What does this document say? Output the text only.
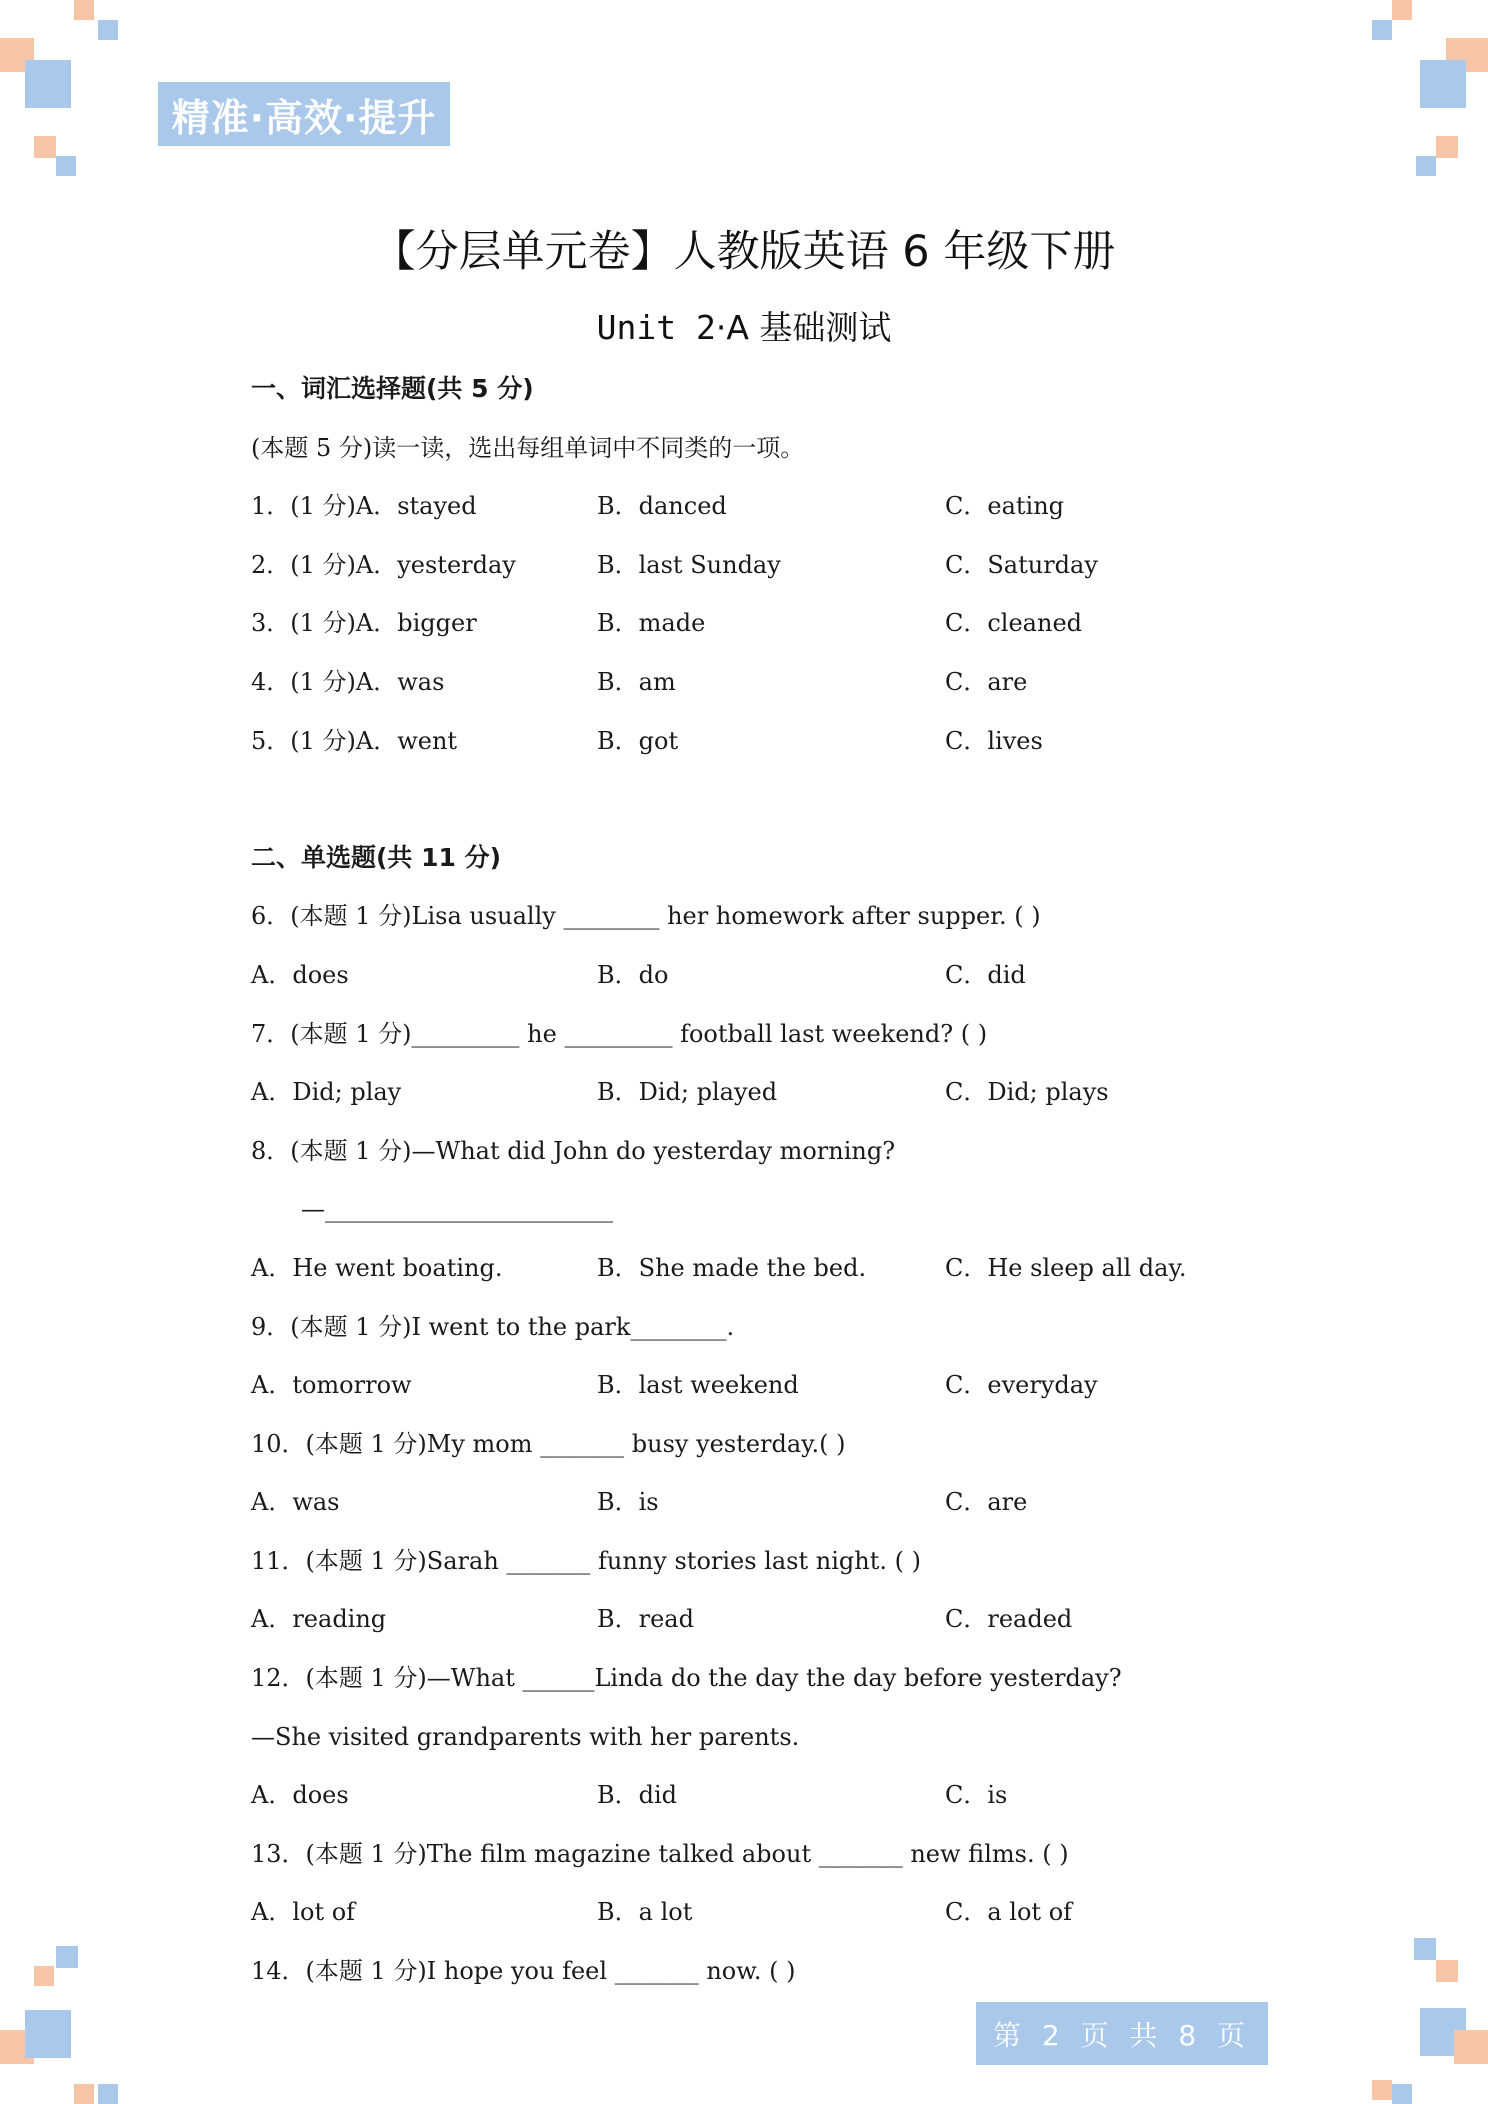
精准·高效·提升
【分层单元卷】人教版英语 6 年级下册
Unit 2·A 基础测试
一、词汇选择题(共 5 分)
(本题 5 分)读一读，选出每组单词中不同类的一项。
1．(1 分)A．stayed	B．danced	C．eating
2．(1 分)A．yesterday	B．last Sunday	C．Saturday
3．(1 分)A．bigger	B．made	C．cleaned
4．(1 分)A．was	B．am	C．are
5．(1 分)A．went	B．got	C．lives
二、单选题(共 11 分)
6．(本题 1 分)Lisa usually ________ her homework after supper. ( )
A．does	B．do	C．did
7．(本题 1 分)_________ he _________ football last weekend? ( )
A．Did; play	B．Did; played	C．Did; plays
8．(本题 1 分)—What did John do yesterday morning?
—________________________
A．He went boating.	B．She made the bed.	C．He sleep all day.
9．(本题 1 分)I went to the park________.
A．tomorrow	B．last weekend	C．everyday
10．(本题 1 分)My mom _______ busy yesterday.( )
A．was	B．is	C．are
11．(本题 1 分)Sarah _______ funny stories last night. ( )
A．reading	B．read	C．readed
12．(本题 1 分)—What ______Linda do the day the day before yesterday?
—She visited grandparents with her parents.
A．does	B．did	C．is
13．(本题 1 分)The film magazine talked about _______ new films. ( )
A．lot of	B．a lot	C．a lot of
14．(本题 1 分)I hope you feel _______ now. ( )
第 2 页 共 8 页
